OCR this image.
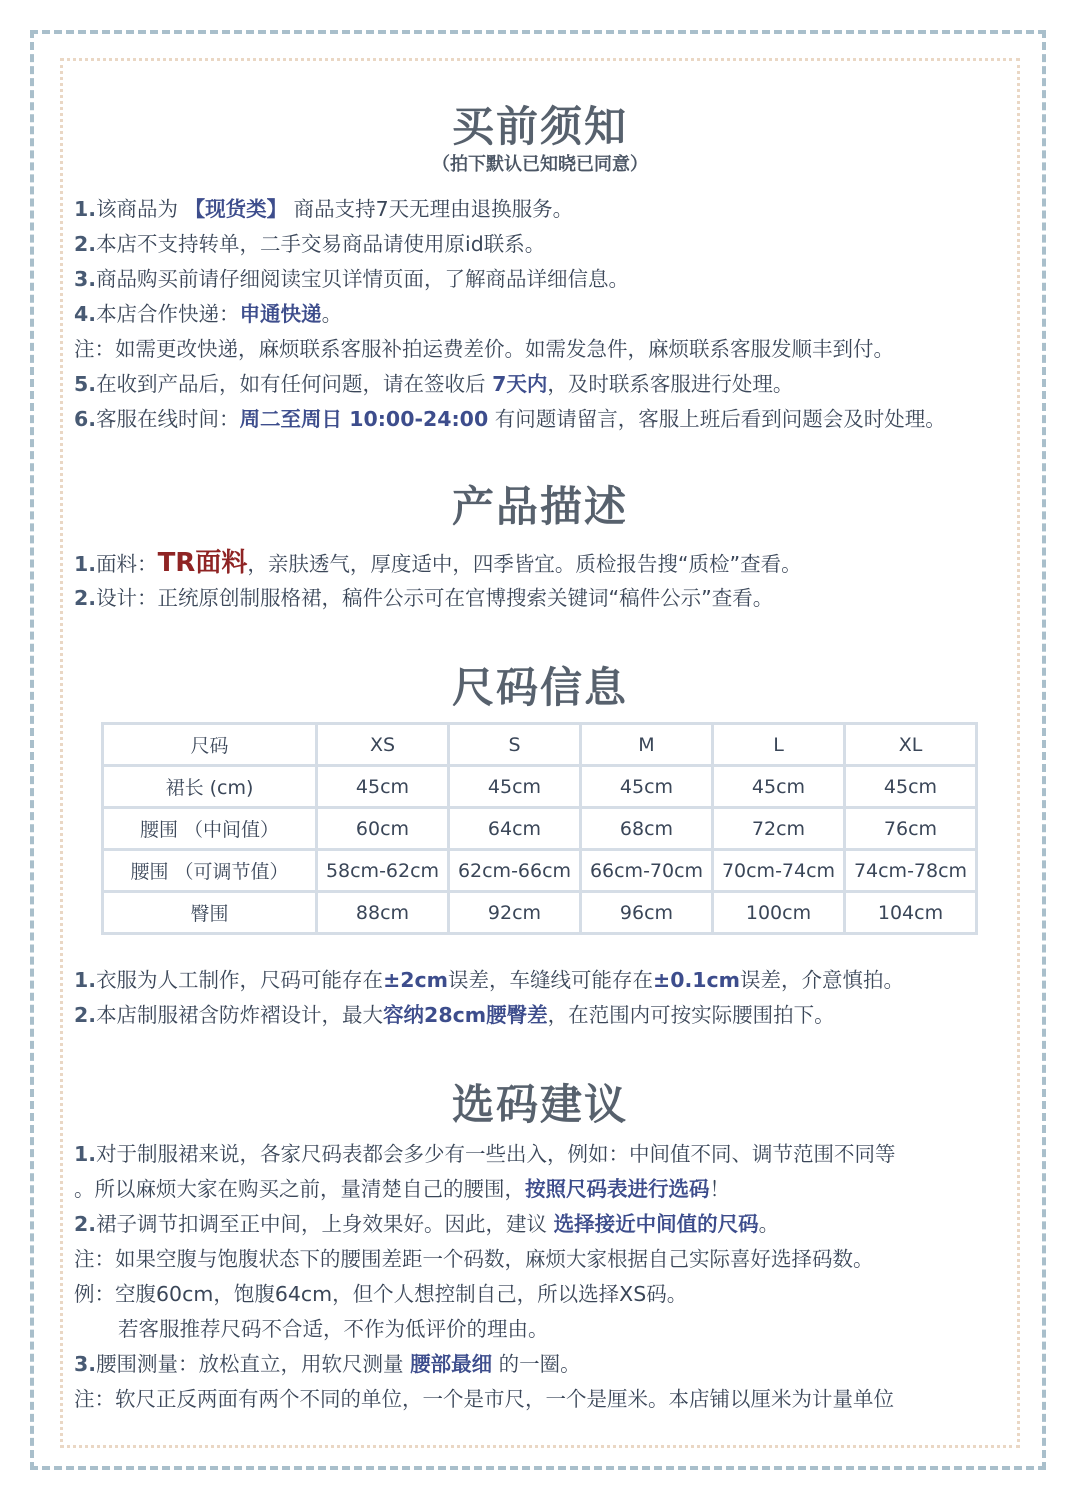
买前须知
（拍下默认已知晓已同意）
1.该商品为 【现货类】 商品支持7天无理由退换服务。
2.本店不支持转单，二手交易商品请使用原id联系。
3.商品购买前请仔细阅读宝贝详情页面，了解商品详细信息。
4.本店合作快递：申通快递。
注：如需更改快递，麻烦联系客服补拍运费差价。如需发急件，麻烦联系客服发顺丰到付。
5.在收到产品后，如有任何问题，请在签收后 7天内，及时联系客服进行处理。
6.客服在线时间：周二至周日 10:00-24:00 有问题请留言，客服上班后看到问题会及时处理。
产品描述
1.面料：TR面料，亲肤透气，厚度适中，四季皆宜。质检报告搜“质检”查看。
2.设计：正统原创制服格裙，稿件公示可在官博搜索关键词“稿件公示”查看。
尺码信息
尺码	XS	S	M	L	XL
裙长 (cm)	45cm	45cm	45cm	45cm	45cm
腰围 （中间值）	60cm	64cm	68cm	72cm	76cm
腰围 （可调节值）	58cm-62cm	62cm-66cm	66cm-70cm	70cm-74cm	74cm-78cm
臀围	88cm	92cm	96cm	100cm	104cm
1.衣服为人工制作，尺码可能存在±2cm误差，车缝线可能存在±0.1cm误差，介意慎拍。
2.本店制服裙含防炸褶设计，最大容纳28cm腰臀差，在范围内可按实际腰围拍下。
选码建议
1.对于制服裙来说，各家尺码表都会多少有一些出入，例如：中间值不同、调节范围不同等
。所以麻烦大家在购买之前，量清楚自己的腰围，按照尺码表进行选码！
2.裙子调节扣调至正中间，上身效果好。因此，建议 选择接近中间值的尺码。
注：如果空腹与饱腹状态下的腰围差距一个码数，麻烦大家根据自己实际喜好选择码数。
例：空腹60cm，饱腹64cm，但个人想控制自己，所以选择XS码。
若客服推荐尺码不合适，不作为低评价的理由。
3.腰围测量：放松直立，用软尺测量 腰部最细 的一圈。
注：软尺正反两面有两个不同的单位，一个是市尺，一个是厘米。本店铺以厘米为计量单位
